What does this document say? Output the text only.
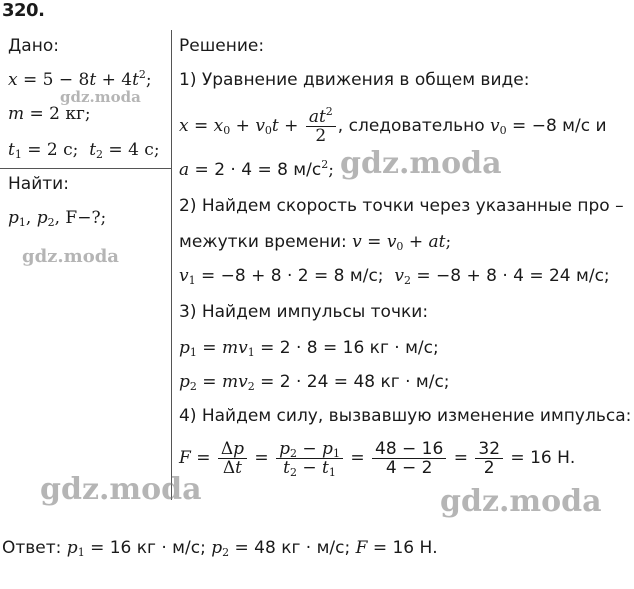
320.
Дано:
$x = 5 - 8t + 4t^2$;
m = 2 кг;
$t_1 = 2$ с; $t_2 = 4$ с;
Найти:
$p_1$, $p_2$, F−?;
Решение:
1) Уравнение движения в общем виде:
$x = x_0 + v_0t + \frac{at^2}{2}$ , следовательно $v_0 = -8$ м/с и
a = 2 · 4 = 8 $м/с^2$;
2) Найдем скорость точки через указанные про –
межутки времени: $v = v_0$ + at;
$v_1 = -8 + 8 \cdot 2 = 8$ м/с; $v_2 = -8 + 8 \cdot 4 = 24$ м/с;
3) Найдем импульсы точки:
$p_1 = mv_1 = 2 \cdot 8 = 16$ кг · м/с;
$p_2 = mv_2 = 2 \cdot 24 = 48$ кг · м/с;
4) Найдем силу, вызвавшую изменение импульса:
$F = \frac{\Delta p}{\Delta t} = \frac{p_2 - p_1}{t_2 - t_1} = \frac{48 - 16}{4 - 2} = \frac{32}{2} = 16$ Н.
Ответ: $p_1 = 16$ кг · м/с; $p_2 = 48$ кг · м/с; F = 16 Н.
gdz.moda
gdz.moda
gdz.moda
gdz.moda	gdz.moda
